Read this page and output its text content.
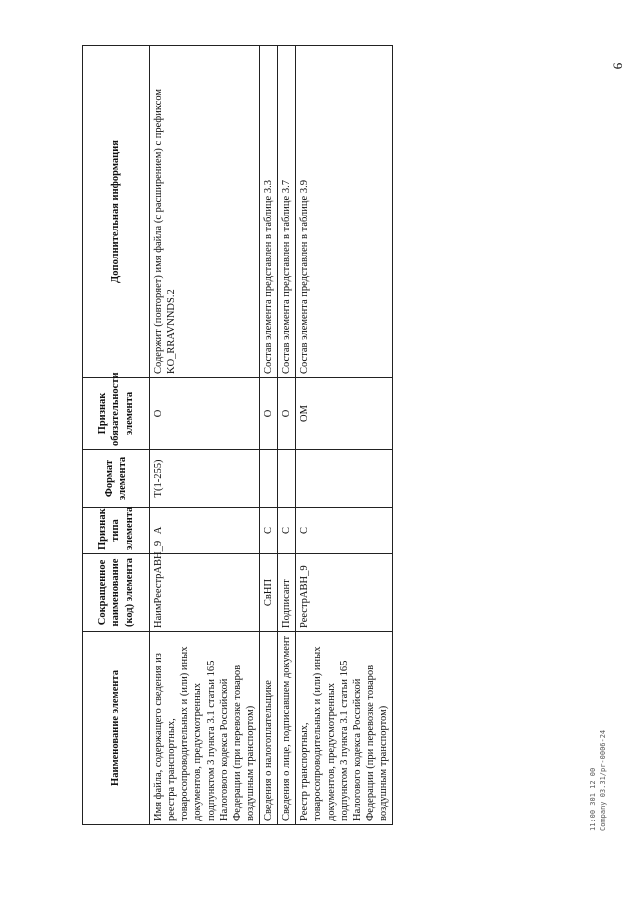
9
Наименование элемента	Сокращенное наименование (код) элемента	Признак типа элемента	Формат элемента	Признак обязательности элемента	Дополнительная информация
Имя файла, содержащего сведения из реестра транспортных, товаросопроводительных и (или) иных документов, предусмотренных подпунктом 3 пункта 3.1 статьи 165 Налогового кодекса Российской Федерации (при перевозке товаров воздушным транспортом)	НаимРеестрАВН_9	А	T(1-255)	О	Содержит (повторяет) имя файла (с расширением) с префиксом KO_RRAVNNDS.2
Сведения о налогоплательщике	СвНП	С		О	Состав элемента представлен в таблице 3.3
Сведения о лице, подписавшем документ	Подписант	С		О	Состав элемента представлен в таблице 3.7
Реестр транспортных, товаросопроводительных и (или) иных документов, предусмотренных подпунктом 3 пункта 3.1 статьи 165 Налогового кодекса Российской Федерации (при перевозке товаров воздушным транспортом)	РеестрАВН_9	С		ОМ	Состав элемента представлен в таблице 3.9
11:00 301 12 00 Company 03.31/pr-0006-24
